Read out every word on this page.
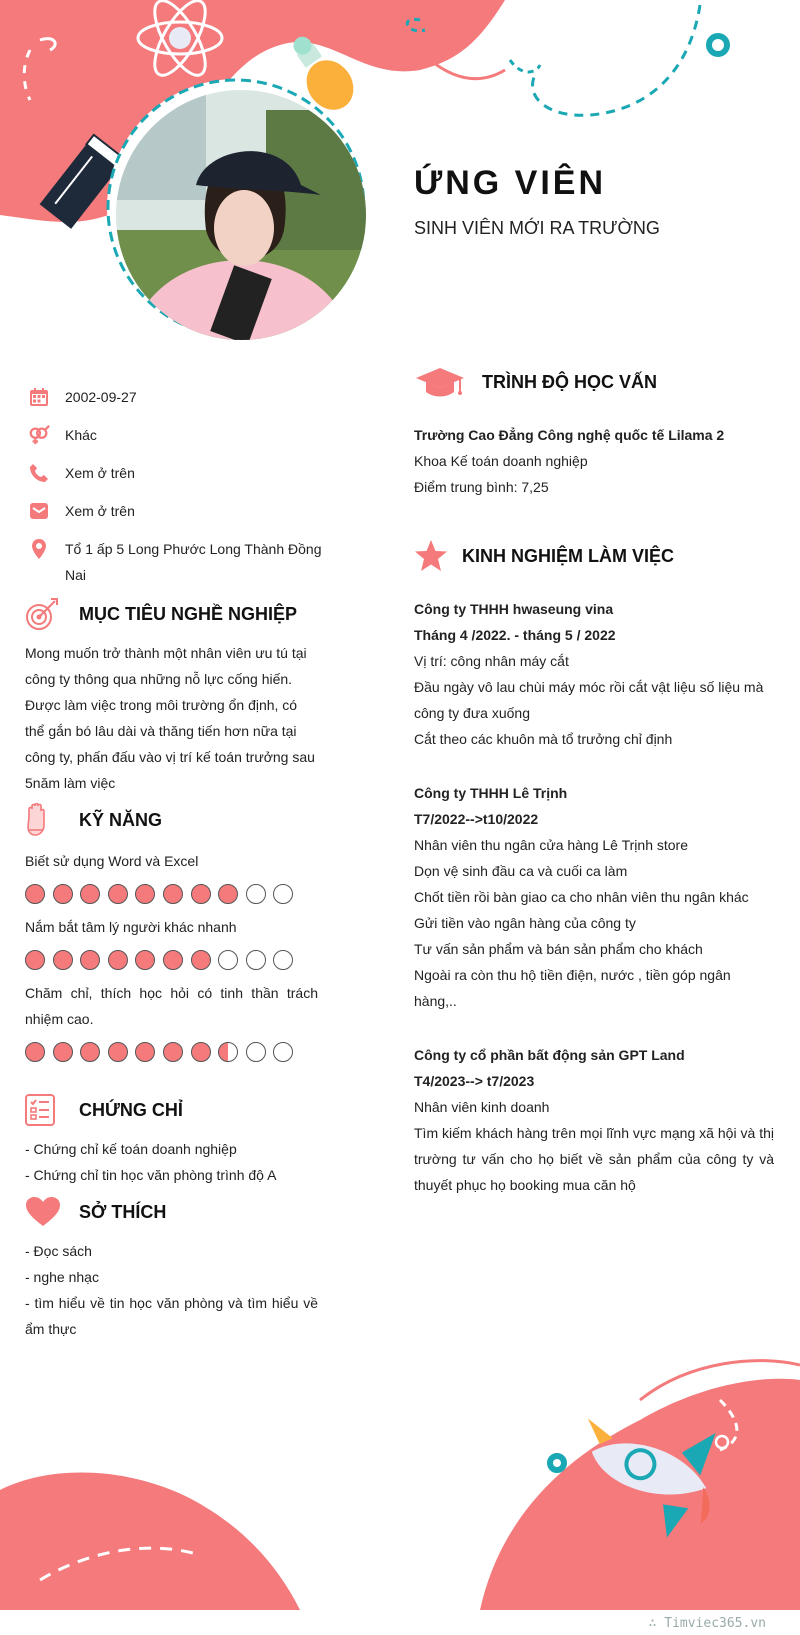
ỨNG VIÊN
SINH VIÊN MỚI RA TRƯỜNG
2002-09-27
Khác
Xem ở trên
Xem ở trên
Tổ 1 ấp 5 Long Phước Long Thành Đồng Nai
MỤC TIÊU NGHỀ NGHIỆP

Mong muốn trở thành một nhân viên ưu tú tại công ty thông qua những nỗ lực cống hiến. Được làm việc trong môi trường ổn định, có thể gắn bó lâu dài và thăng tiến hơn nữa tại công ty, phấn đấu vào vị trí kế toán trưởng sau 5năm làm việc

KỸ NĂNG

Biết sử dụng Word và Excel

Nắm bắt tâm lý người khác nhanh

Chăm chỉ, thích học hỏi có tinh thần trách nhiệm cao.

CHỨNG CHỈ

- Chứng chỉ kế toán doanh nghiệp

- Chứng chỉ tin học văn phòng trình độ A

SỞ THÍCH

- Đọc sách

- nghe nhạc

- tìm hiểu về tin học văn phòng và tìm hiểu về ẩm thực

TRÌNH ĐỘ HỌC VẤN

Trường Cao Đẳng Công nghệ quốc tế Lilama 2

Khoa Kế toán doanh nghiệp

Điểm trung bình: 7,25

KINH NGHIỆM LÀM VIỆC

Công ty THHH hwaseung vina

Tháng 4 /2022. - tháng 5 / 2022

Vị trí: công nhân máy cắt

Đầu ngày vô lau chùi máy móc rồi cắt vật liệu số liệu mà công ty đưa xuống

Cắt theo các khuôn mà tổ trưởng chỉ định

Công ty THHH Lê Trịnh

T7/2022-->t10/2022

Nhân viên thu ngân cửa hàng Lê Trịnh store

Dọn vệ sinh đầu ca và cuối ca làm

Chốt tiền rồi bàn giao ca cho nhân viên thu ngân khác

Gửi tiền vào ngân hàng của công ty

Tư vấn sản phẩm và bán sản phẩm cho khách

Ngoài ra còn thu hộ tiền điện, nước , tiền góp ngân hàng,..

Công ty cổ phần bất động sản GPT Land

T4/2023--> t7/2023

Nhân viên kinh doanh

Tìm kiếm khách hàng trên mọi lĩnh vực mạng xã hội và thị trường tư vấn cho họ biết về sản phẩm của công ty và thuyết phục họ booking mua căn hộ

∴ Timviec365.vn
